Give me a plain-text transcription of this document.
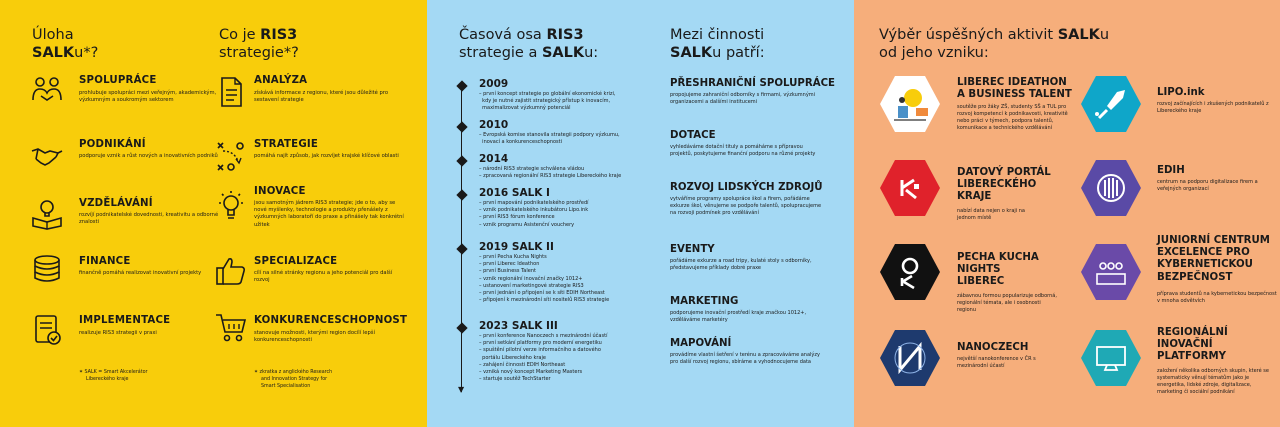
Úloha
SALKu*?
SPOLUPRÁCE
prohlubuje spolupráci mezi veřejným, akademickým, výzkumným a soukromým sektorem
PODNIKÁNÍ
podporuje vznik a růst nových a inovativních podniků
VZDĚLÁVÁNÍ
rozvíjí podnikatelské dovednosti, kreativitu a odborné znalosti
FINANCE
finančně pomáhá realizovat inovativní projekty
IMPLEMENTACE
realizuje RIS3 strategii v praxi
✶ SALK = Smart Akcelerátor
Libereckého kraje
Co je RIS3
strategie*?
ANALÝZA
získává informace z regionu, které jsou důležité pro sestavení strategie
STRATEGIE
pomáhá najít způsob, jak rozvíjet krajské klíčové oblasti
INOVACE
jsou samotným jádrem RIS3 strategie; jde o to, aby se nové myšlenky, technologie a produkty přenášely z výzkumných laboratoří do praxe a přinášely tak konkrétní užitek
SPECIALIZACE
cílí na silné stránky regionu a jeho potenciál pro další rozvoj
KONKURENCESCHOPNOST
stanovuje možnosti, kterými region docílí lepší konkurenceschopnosti
✶ zkratka z anglického Research
and Innovation Strategy for
Smart Specialisation
Časová osa RIS3
strategie a SALKu:
▼
2009
– první koncept strategie po globální ekonomické krizi,
kdy je nutné zajistit strategický přístup k inovacím,
maximalizovat výzkumný potenciál
2010
– Evropská komise stanovila strategii podpory výzkumu,
inovací a konkurenceschopnosti
2014
– národní RIS3 strategie schválena vládou
– zpracovaná regionální RIS3 strategie Libereckého kraje
2016 SALK I
– první mapování podnikatelského prostředí
– vznik podnikatelského inkubátoru Lipo.ink
– první RIS3 fórum konference
– vznik programu Asistenční vouchery
2019 SALK II
– první Pecha Kucha Nights
– první Liberec Ideathon
– první Business Talent
– vznik regionální inovační značky 1012+
– ustanovení marketingové strategie RIS3
– první jednání o připojení se k síti EDIH Northeast
– připojení k mezinárodní síti nositelů RIS3 strategie
2023 SALK III
– první konference Nanoczech s mezinárodní účastí
– první setkání platformy pro moderní energetiku
– spuštění pilotní verze informačního a datového
portálu Libereckého kraje
– zahájení činnosti EDIH Northeast
– vzniká nový koncept Marketing Masters
– startuje soutěž TechStarter
Mezi činnosti
SALKu patří:
PŘESHRANIČNÍ SPOLUPRÁCE
propojujeme zahraniční odborníky s firmami, výzkumnými organizacemi a dalšími institucemi
DOTACE
vyhledáváme dotační tituly a pomáháme s přípravou projektů, poskytujeme finanční podporu na různé projekty
ROZVOJ LIDSKÝCH ZDROJŮ
vytváříme programy spolupráce škol a firem, pořádáme exkurze škol, věnujeme se podpoře talentů, spolupracujeme na rozvoji podmínek pro vzdělávání
EVENTY
pořádáme exkurze a road tripy, kulaté stoly s odborníky, představujeme příklady dobré praxe
MARKETING
podporujeme inovační prostředí kraje značkou 1012+, vzděláváme marketéry
MAPOVÁNÍ
provádíme vlastní šetření v terénu a zpracováváme analýzy pro další rozvoj regionu, sbíráme a vyhodnocujeme data
Výběr úspěšných aktivit SALKu
od jeho vzniku:
LIBEREC IDEATHON
A BUSINESS TALENT
soutěže pro žáky ZŠ, studenty SŠ a TUL pro rozvoj kompetencí k podnikavosti, kreativitě nebo práci v týmech, podpora talentů, komunikace a technického vzdělávání
DATOVÝ PORTÁL
LIBERECKÉHO
KRAJE
nabízí data nejen o kraji na jednom místě
PECHA KUCHA
NIGHTS
LIBEREC
zábavnou formou popularizuje odborná, regionální témata, ale i osobnosti regionu
NANOCZECH
největší nanokonference v ČR s mezinárodní účastí
LIPO.ink
rozvoj začínajících i zkušených podnikatelů z Libereckého kraje
EDIH
centrum na podporu digitalizace firem a veřejných organizací
JUNIORNÍ CENTRUM
EXCELENCE PRO
KYBERNETICKOU
BEZPEČNOST
příprava studentů na kybernetickou bezpečnost v mnoha odvětvích
REGIONÁLNÍ
INOVAČNÍ
PLATFORMY
založení několika odborných skupin, které se systematicky věnují tématům jako je energetika, lidské zdroje, digitalizace, marketing či sociální podnikání
